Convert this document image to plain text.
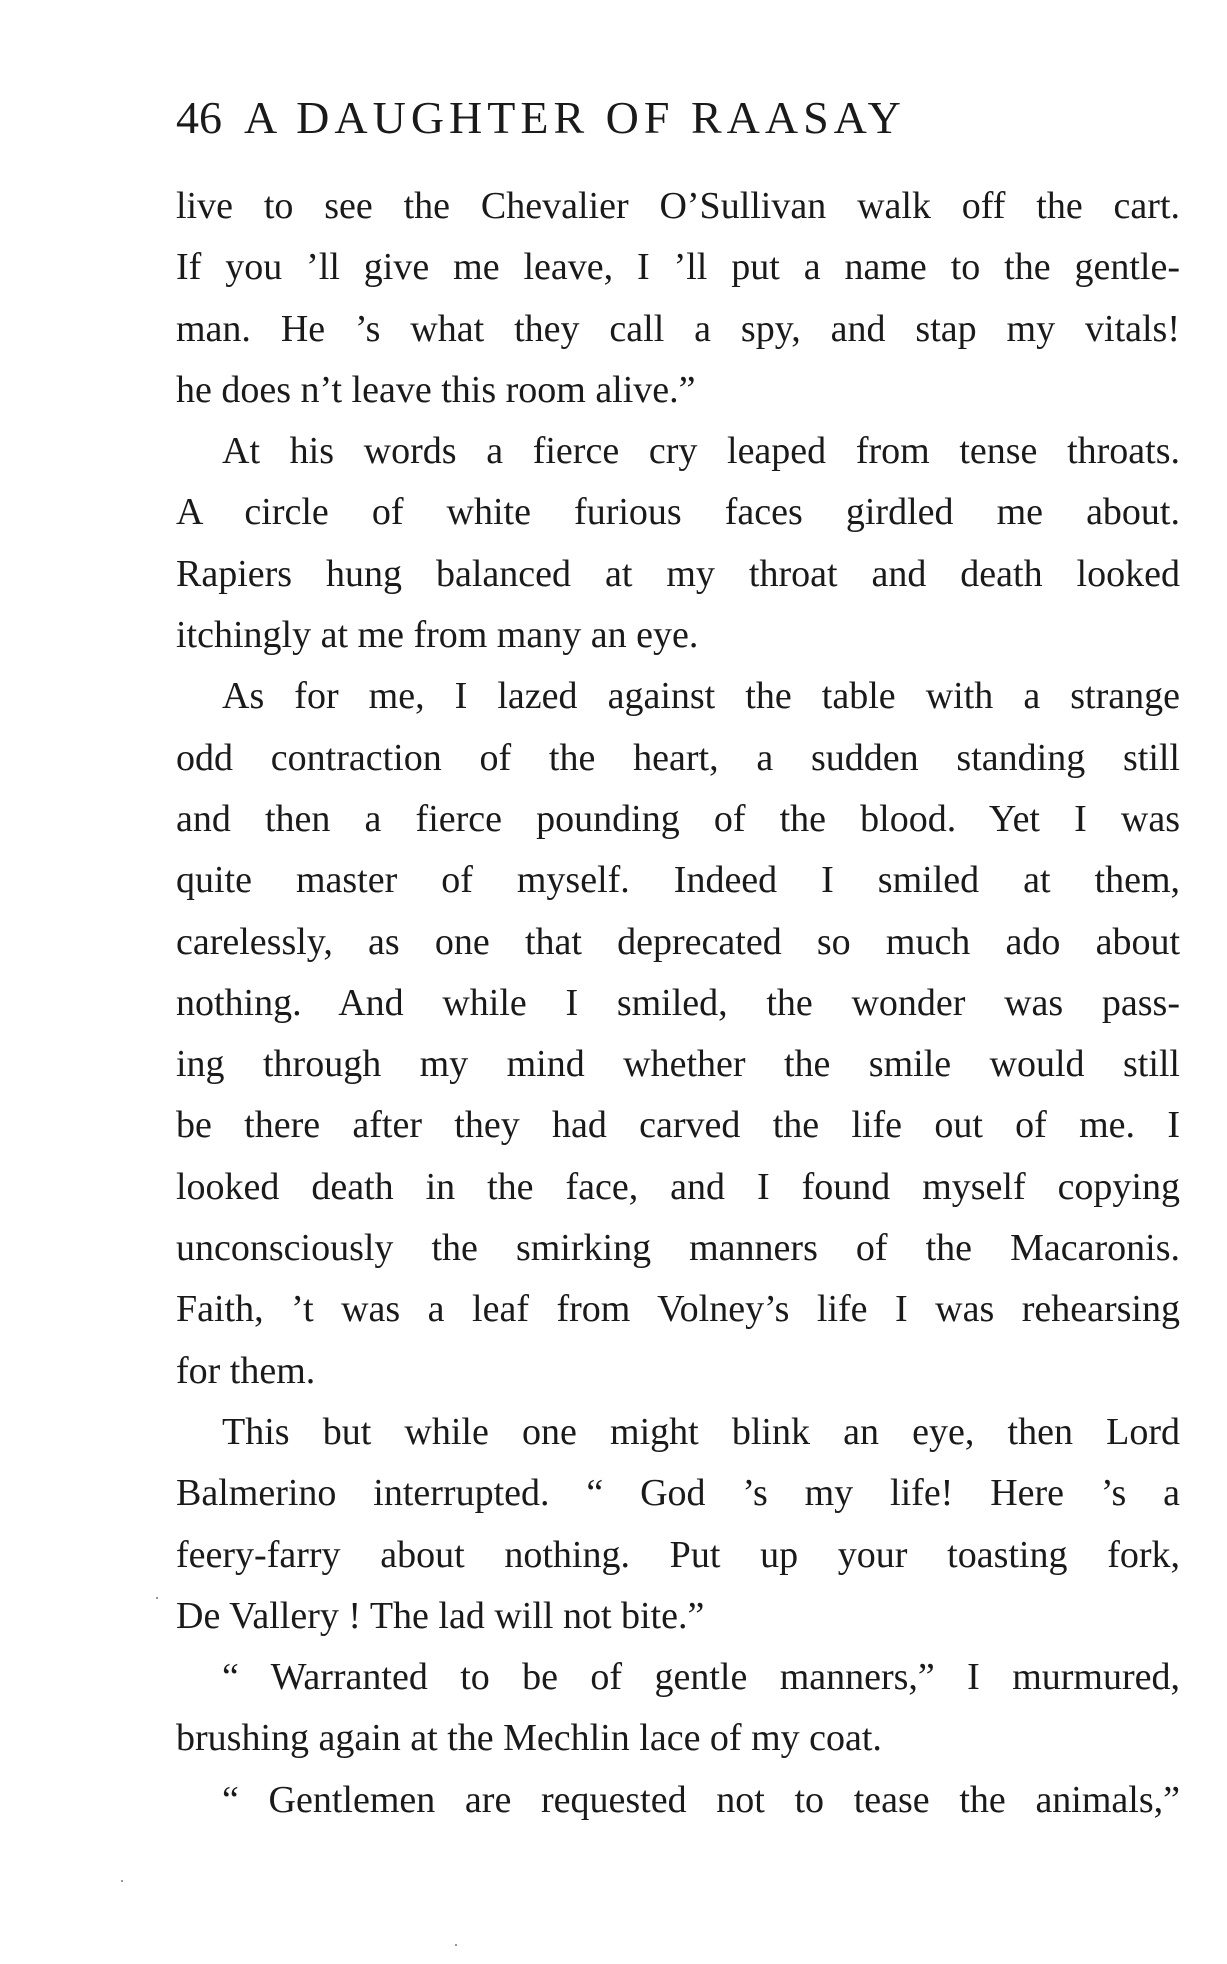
46 A DAUGHTER OF RAASAY
live to see the Chevalier O’Sullivan walk off the cart.
If you ’ll give me leave, I ’ll put a name to the gentle-
man. He ’s what they call a spy, and stap my vitals!
he does n’t leave this room alive.”
At his words a fierce cry leaped from tense throats.
A circle of white furious faces girdled me about.
Rapiers hung balanced at my throat and death looked
itchingly at me from many an eye.
As for me, I lazed against the table with a strange
odd contraction of the heart, a sudden standing still
and then a fierce pounding of the blood. Yet I was
quite master of myself. Indeed I smiled at them,
carelessly, as one that deprecated so much ado about
nothing. And while I smiled, the wonder was pass-
ing through my mind whether the smile would still
be there after they had carved the life out of me. I
looked death in the face, and I found myself copying
unconsciously the smirking manners of the Macaronis.
Faith, ’t was a leaf from Volney’s life I was rehearsing
for them.
This but while one might blink an eye, then Lord
Balmerino interrupted. “ God ’s my life! Here ’s a
feery-farry about nothing. Put up your toasting fork,
De Vallery ! The lad will not bite.”
“ Warranted to be of gentle manners,” I murmured,
brushing again at the Mechlin lace of my coat.
“ Gentlemen are requested not to tease the animals,”
